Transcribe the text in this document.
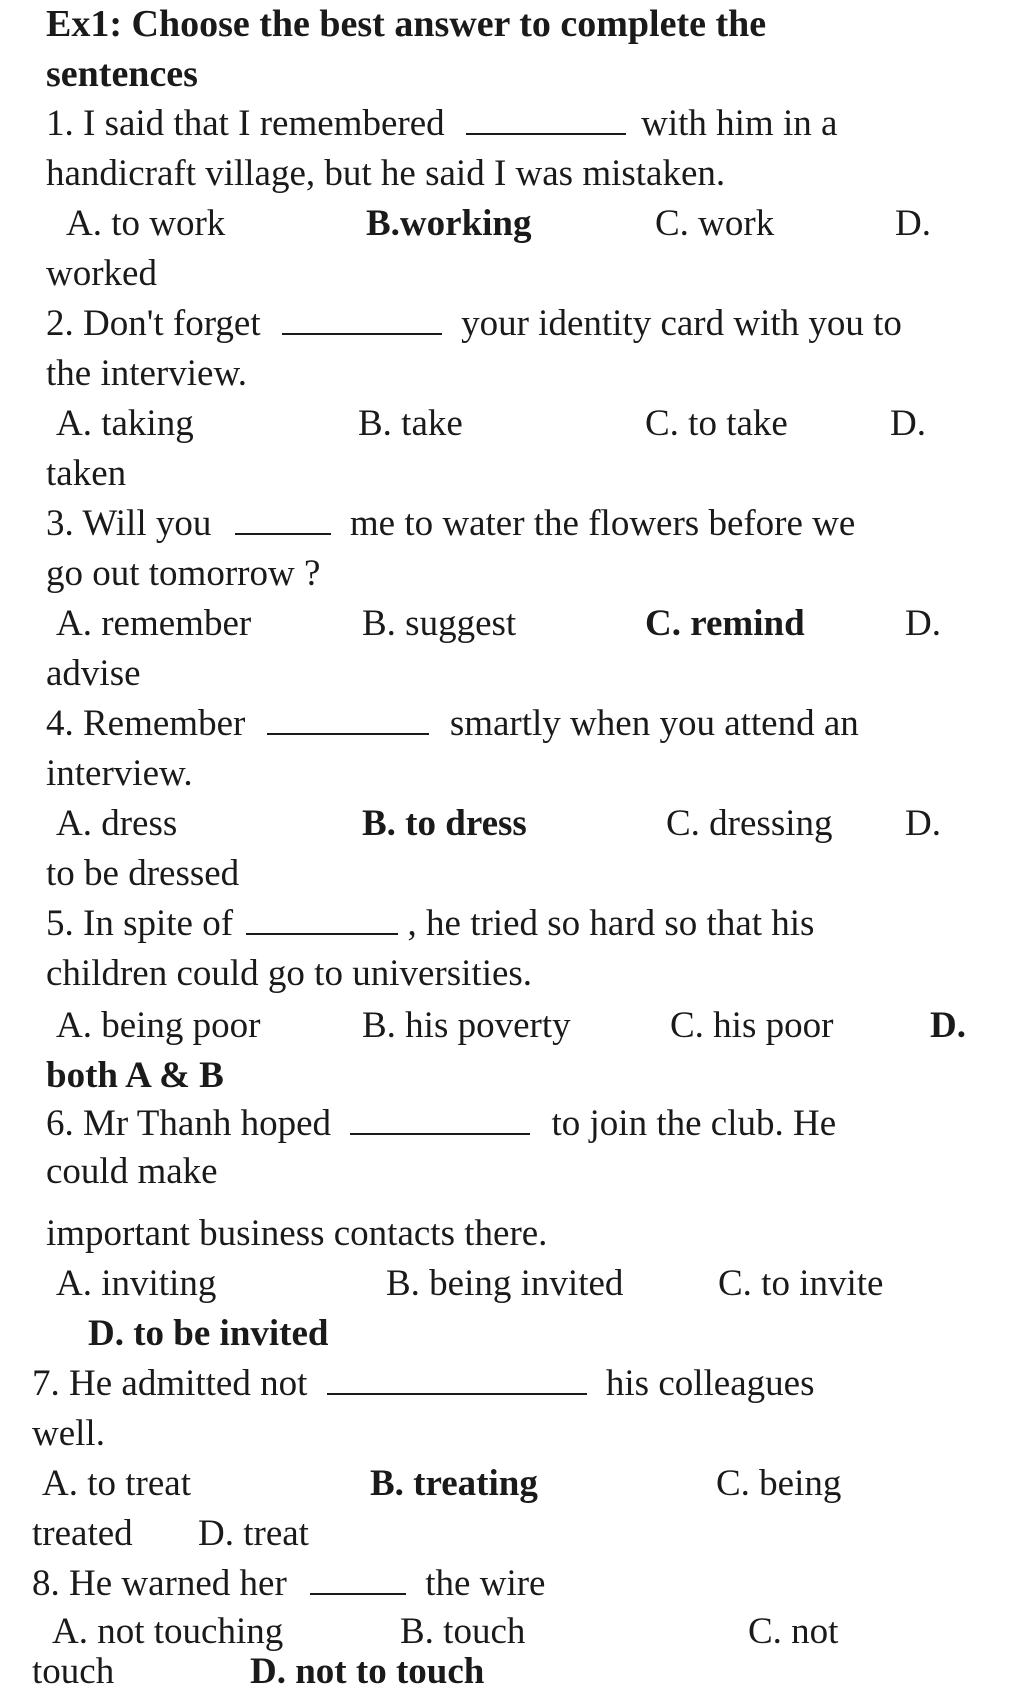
Ex1: Choose the best answer to complete the
sentences
1. I said that I remembered	with him in a
handicraft village, but he said I was mistaken.
A. to work	B.working	C. work	D.
worked
2. Don't forget	your identity card with you to
the interview.
A. taking	B. take	C. to take	D.
taken
3. Will you	me to water the flowers before we
go out tomorrow ?
A. remember	B. suggest	C. remind	D.
advise
4. Remember	smartly when you attend an
interview.
A. dress	B. to dress	C. dressing D.
to be dressed
5. In spite of	, he tried so hard so that his
children could go to universities.
A. being poor	B. his poverty	C. his poor	D.
both A & B
6. Mr Thanh hoped	to join the club. He
could make
important business contacts there.
A. inviting	B. being invited	C. to invite
D. to be invited
7. He admitted not	his colleagues
well.
A. to treat	B. treating	C. being
treated D. treat
8. He warned her	the wire
A. not touching	B. touch	C. not
touch	D. not to touch
